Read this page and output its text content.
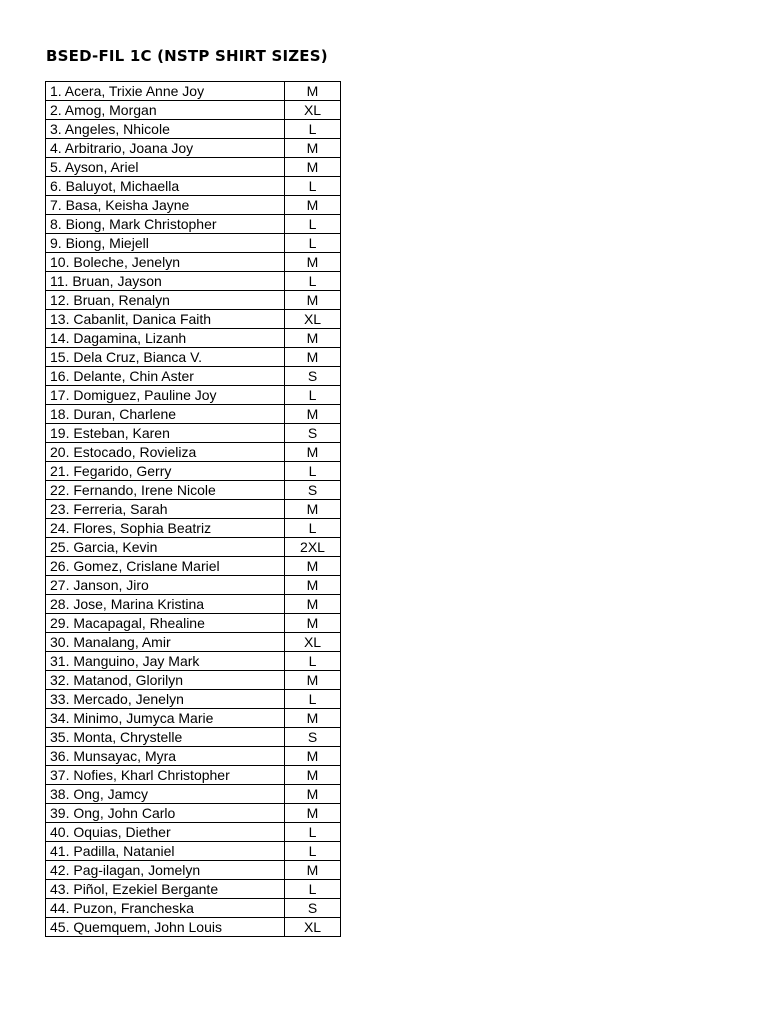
BSED-FIL 1C (NSTP SHIRT SIZES)
1. Acera, Trixie Anne Joy	M
2. Amog, Morgan	XL
3. Angeles, Nhicole	L
4. Arbitrario, Joana Joy	M
5. Ayson, Ariel	M
6. Baluyot, Michaella	L
7. Basa, Keisha Jayne	M
8. Biong, Mark Christopher	L
9. Biong, Miejell	L
10. Boleche, Jenelyn	M
11. Bruan, Jayson	L
12. Bruan, Renalyn	M
13. Cabanlit, Danica Faith	XL
14. Dagamina, Lizanh	M
15. Dela Cruz, Bianca V.	M
16. Delante, Chin Aster	S
17. Domiguez, Pauline Joy	L
18. Duran, Charlene	M
19. Esteban, Karen	S
20. Estocado, Rovieliza	M
21. Fegarido, Gerry	L
22. Fernando, Irene Nicole	S
23. Ferreria, Sarah	M
24. Flores, Sophia Beatriz	L
25. Garcia, Kevin	2XL
26. Gomez, Crislane Mariel	M
27. Janson, Jiro	M
28. Jose, Marina Kristina	M
29. Macapagal, Rhealine	M
30. Manalang, Amir	XL
31. Manguino, Jay Mark	L
32. Matanod, Glorilyn	M
33. Mercado, Jenelyn	L
34. Minimo, Jumyca Marie	M
35. Monta, Chrystelle	S
36. Munsayac, Myra	M
37. Nofies, Kharl Christopher	M
38. Ong, Jamcy	M
39. Ong, John Carlo	M
40. Oquias, Diether	L
41. Padilla, Nataniel	L
42. Pag-ilagan, Jomelyn	M
43. Piñol, Ezekiel Bergante	L
44. Puzon, Francheska	S
45. Quemquem, John Louis	XL
